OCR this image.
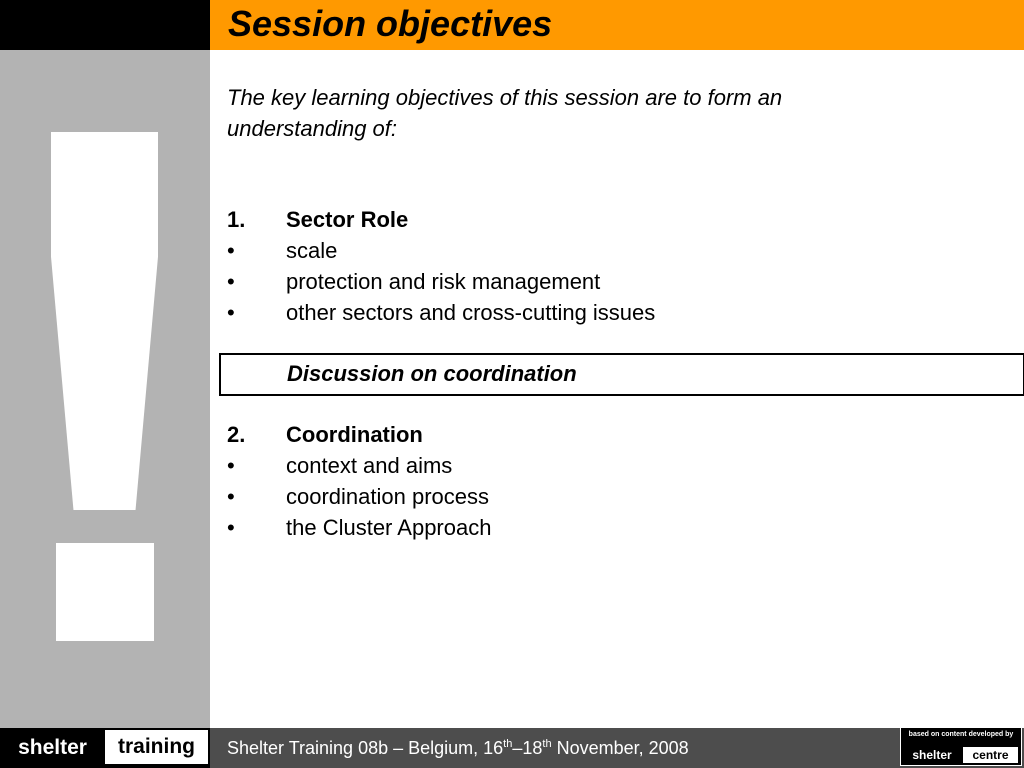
Session objectives

The key learning objectives of this session are to form an understanding of:

1. Sector Role
• scale
• protection and risk management
• other sectors and cross-cutting issues
Discussion on coordination
2. Coordination
• context and aims
• coordination process
• the Cluster Approach
shelter	training	Shelter Training 08b – Belgium, 16th–18th November, 2008
based on content developed by
shelter	centre
